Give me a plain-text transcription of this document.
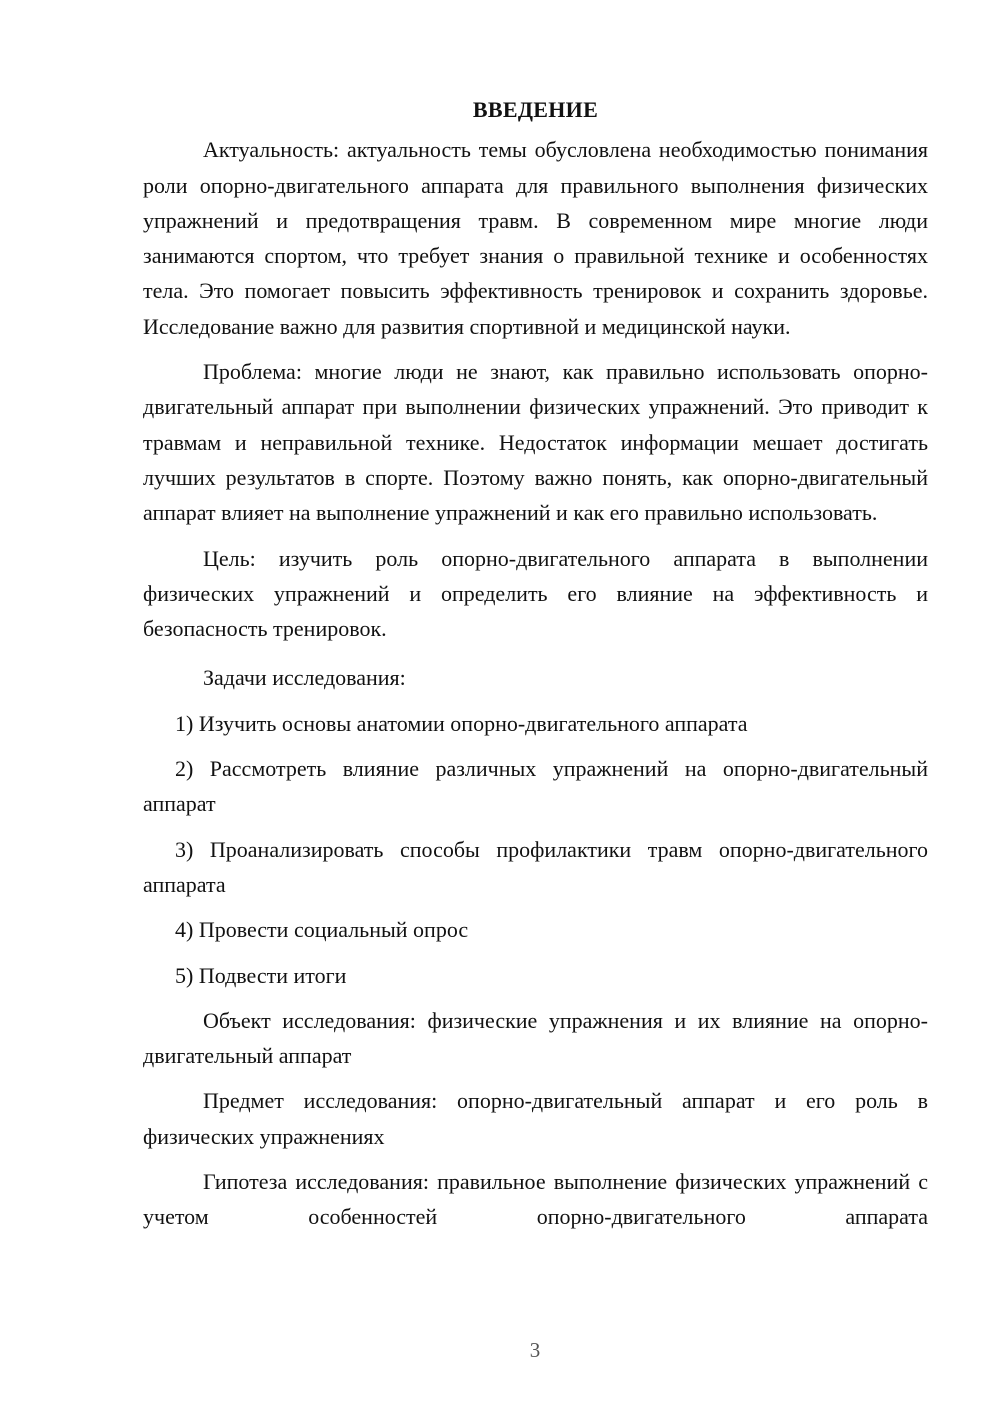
ВВЕДЕНИЕ

Актуальность: актуальность темы обусловлена необходимостью понимания роли опорно-двигательного аппарата для правильного выполнения физических упражнений и предотвращения травм. В современном мире многие люди занимаются спортом, что требует знания о правильной технике и особенностях тела. Это помогает повысить эффективность тренировок и сохранить здоровье. Исследование важно для развития спортивной и медицинской науки.

Проблема: многие люди не знают, как правильно использовать опорно-двигательный аппарат при выполнении физических упражнений. Это приводит к травмам и неправильной технике. Недостаток информации мешает достигать лучших результатов в спорте. Поэтому важно понять, как опорно-двигательный аппарат влияет на выполнение упражнений и как его правильно использовать.

Цель: изучить роль опорно-двигательного аппарата в выполнении физических упражнений и определить его влияние на эффективность и безопасность тренировок.

Задачи исследования:

1) Изучить основы анатомии опорно-двигательного аппарата

2) Рассмотреть влияние различных упражнений на опорно-двигательный аппарат

3) Проанализировать способы профилактики травм опорно-двигательного аппарата

4) Провести социальный опрос

5) Подвести итоги

Объект исследования: физические упражнения и их влияние на опорно-двигательный аппарат

Предмет исследования: опорно-двигательный аппарат и его роль в физических упражнениях

Гипотеза исследования: правильное выполнение физических упражнений с учетом особенностей опорно-двигательного аппарата

3
